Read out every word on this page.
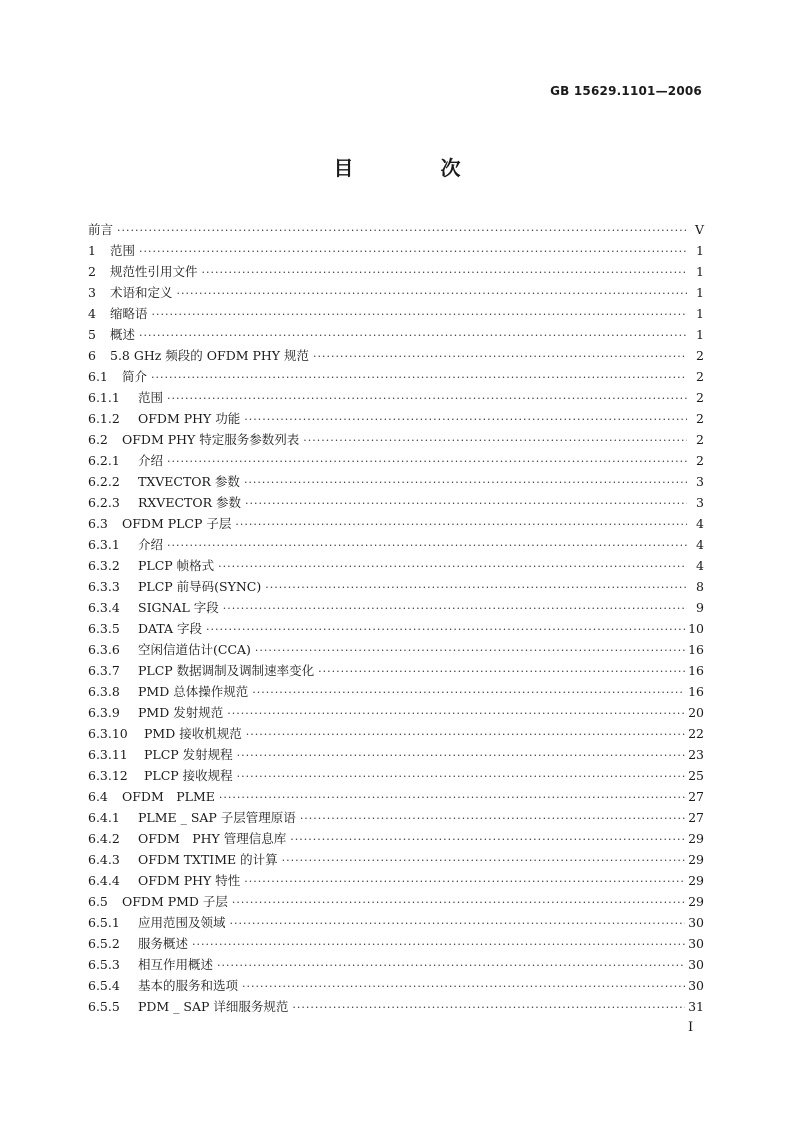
GB 15629.1101—2006
目 次
前言 ·····	V
1	范围 ·····	1
2	规范性引用文件 ·····	1
3	术语和定义 ·····	1
4	缩略语 ·····	1
5	概述 ·····	1
6	5.8 GHz 频段的 OFDM PHY 规范 ·····	2
6.1	简介 ·····	2
6.1.1	范围 ·····	2
6.1.2	OFDM PHY 功能 ·····	2
6.2	OFDM PHY 特定服务参数列表 ·····	2
6.2.1	介绍 ·····	2
6.2.2	TXVECTOR 参数 ·····	3
6.2.3	RXVECTOR 参数 ·····	3
6.3	OFDM PLCP 子层 ·····	4
6.3.1	介绍 ·····	4
6.3.2	PLCP 帧格式 ·····	4
6.3.3	PLCP 前导码(SYNC) ·····	8
6.3.4	SIGNAL 字段 ·····	9
6.3.5	DATA 字段 ·····	10
6.3.6	空闲信道估计(CCA) ·····	16
6.3.7	PLCP 数据调制及调制速率变化 ·····	16
6.3.8	PMD 总体操作规范 ·····	16
6.3.9	PMD 发射规范 ·····	20
6.3.10	PMD 接收机规范 ·····	22
6.3.11	PLCP 发射规程 ·····	23
6.3.12	PLCP 接收规程 ·····	25
6.4	OFDM　PLME ·····	27
6.4.1	PLME _ SAP 子层管理原语 ·····	27
6.4.2	OFDM　PHY 管理信息库 ·····	29
6.4.3	OFDM TXTIME 的计算 ·····	29
6.4.4	OFDM PHY 特性 ·····	29
6.5	OFDM PMD 子层 ·····	29
6.5.1	应用范围及领域 ·····	30
6.5.2	服务概述 ·····	30
6.5.3	相互作用概述 ·····	30
6.5.4	基本的服务和选项 ·····	30
6.5.5	PDM _ SAP 详细服务规范 ·····	31
I
